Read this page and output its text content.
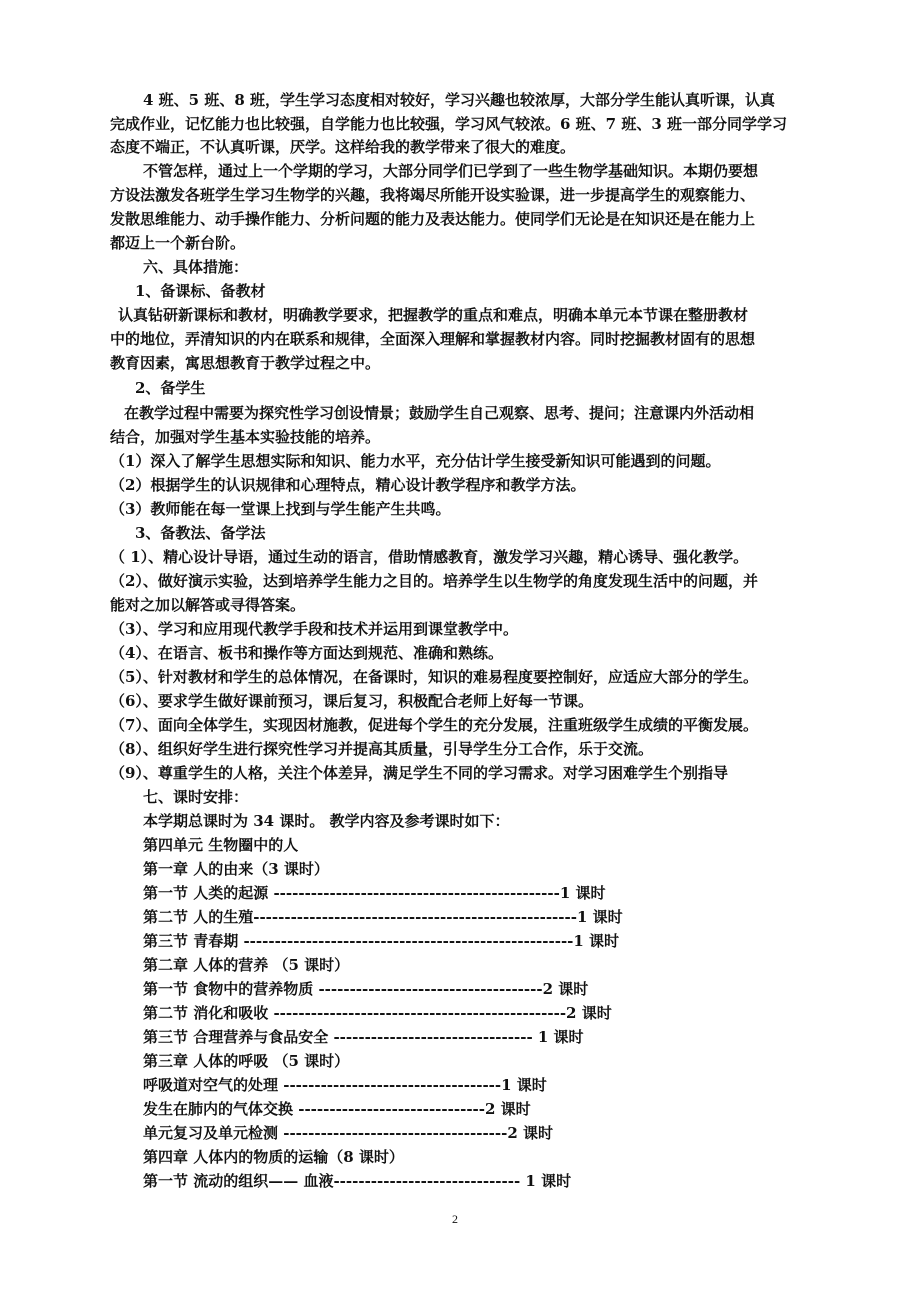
4 班、5 班、8 班，学生学习态度相对较好，学习兴趣也较浓厚，大部分学生能认真听课，认真
完成作业，记忆能力也比较强，自学能力也比较强，学习风气较浓。6 班、7 班、3 班一部分同学学习
态度不端正，不认真听课，厌学。这样给我的教学带来了很大的难度。
不管怎样，通过上一个学期的学习，大部分同学们已学到了一些生物学基础知识。本期仍要想
方设法激发各班学生学习生物学的兴趣，我将竭尽所能开设实验课，进一步提高学生的观察能力、
发散思维能力、动手操作能力、分析问题的能力及表达能力。使同学们无论是在知识还是在能力上
都迈上一个新台阶。
六、具体措施：
1、备课标、备教材
认真钻研新课标和教材，明确教学要求，把握教学的重点和难点，明确本单元本节课在整册教材
中的地位，弄清知识的内在联系和规律，全面深入理解和掌握教材内容。同时挖掘教材固有的思想
教育因素，寓思想教育于教学过程之中。
2、备学生
在教学过程中需要为探究性学习创设情景；鼓励学生自己观察、思考、提问；注意课内外活动相
结合，加强对学生基本实验技能的培养。
（1）深入了解学生思想实际和知识、能力水平，充分估计学生接受新知识可能遇到的问题。
（2）根据学生的认识规律和心理特点，精心设计教学程序和教学方法。
（3）教师能在每一堂课上找到与学生能产生共鸣。
3、备教法、备学法
（ 1）、精心设计导语，通过生动的语言，借助情感教育，激发学习兴趣，精心诱导、强化教学。
（2）、做好演示实验，达到培养学生能力之目的。培养学生以生物学的角度发现生活中的问题，并
能对之加以解答或寻得答案。
（3）、学习和应用现代教学手段和技术并运用到课堂教学中。
（4）、在语言、板书和操作等方面达到规范、准确和熟练。
（5）、针对教材和学生的总体情况，在备课时，知识的难易程度要控制好，应适应大部分的学生。
（6）、要求学生做好课前预习，课后复习，积极配合老师上好每一节课。
（7）、面向全体学生，实现因材施教，促进每个学生的充分发展，注重班级学生成绩的平衡发展。
（8）、组织好学生进行探究性学习并提高其质量，引导学生分工合作，乐于交流。
（9）、尊重学生的人格，关注个体差异，满足学生不同的学习需求。对学习困难学生个别指导
七、课时安排：
本学期总课时为 34 课时。 教学内容及参考课时如下：
第四单元 生物圈中的人
第一章 人的由来（3 课时）
第一节 人类的起源 ----------------------------------------------1 课时
第二节 人的生殖----------------------------------------------------1 课时
第三节 青春期 -----------------------------------------------------1 课时
第二章 人体的营养 （5 课时）
第一节 食物中的营养物质 ------------------------------------2 课时
第二节 消化和吸收 -----------------------------------------------2 课时
第三节 合理营养与食品安全 -------------------------------- 1 课时
第三章 人体的呼吸 （5 课时）
呼吸道对空气的处理 -----------------------------------1 课时
发生在肺内的气体交换 ------------------------------2 课时
单元复习及单元检测 ------------------------------------2 课时
第四章 人体内的物质的运输（8 课时）
第一节 流动的组织—— 血液------------------------------ 1 课时
2
